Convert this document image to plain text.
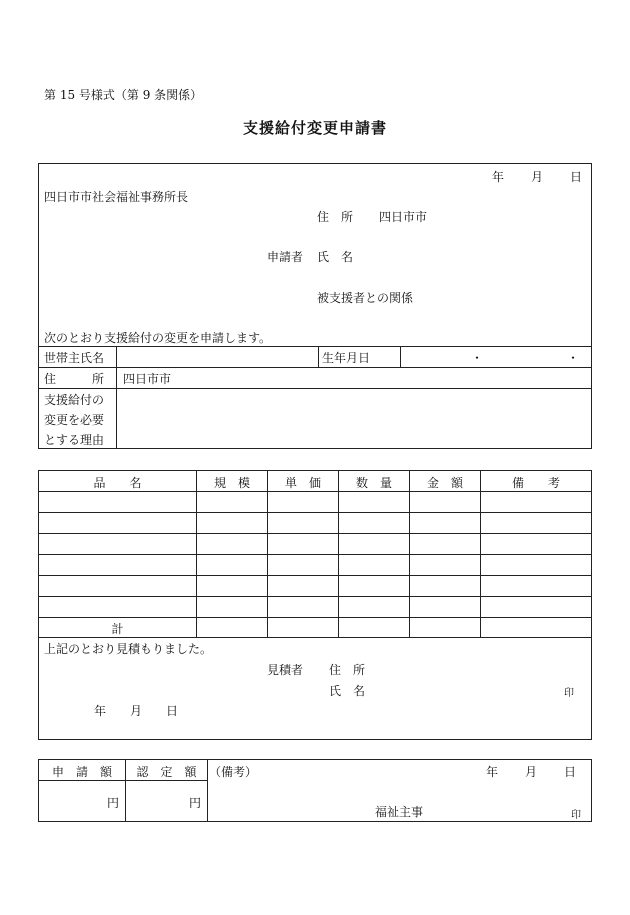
第 15 号様式（第 9 条関係）
支援給付変更申請書
年　　月　　日
四日市市社会福祉事務所長
住　所 四日市市
申請者 氏　名
被支援者との関係
次のとおり支援給付の変更を申請します。
世帯主氏名	生年月日	・　　　　　　　・
住　　　所 四日市市
支援給付の
変更を必要
とする理由
品　　名	規　模	単　価	数　量	金　額	備　　考
計
上記のとおり見積もりました。
見積者 住　所
氏　名	印
年　　月　　日
申　請　額	認　定　額	（備考）	年　　月　　日
円	円
福祉主事	印
